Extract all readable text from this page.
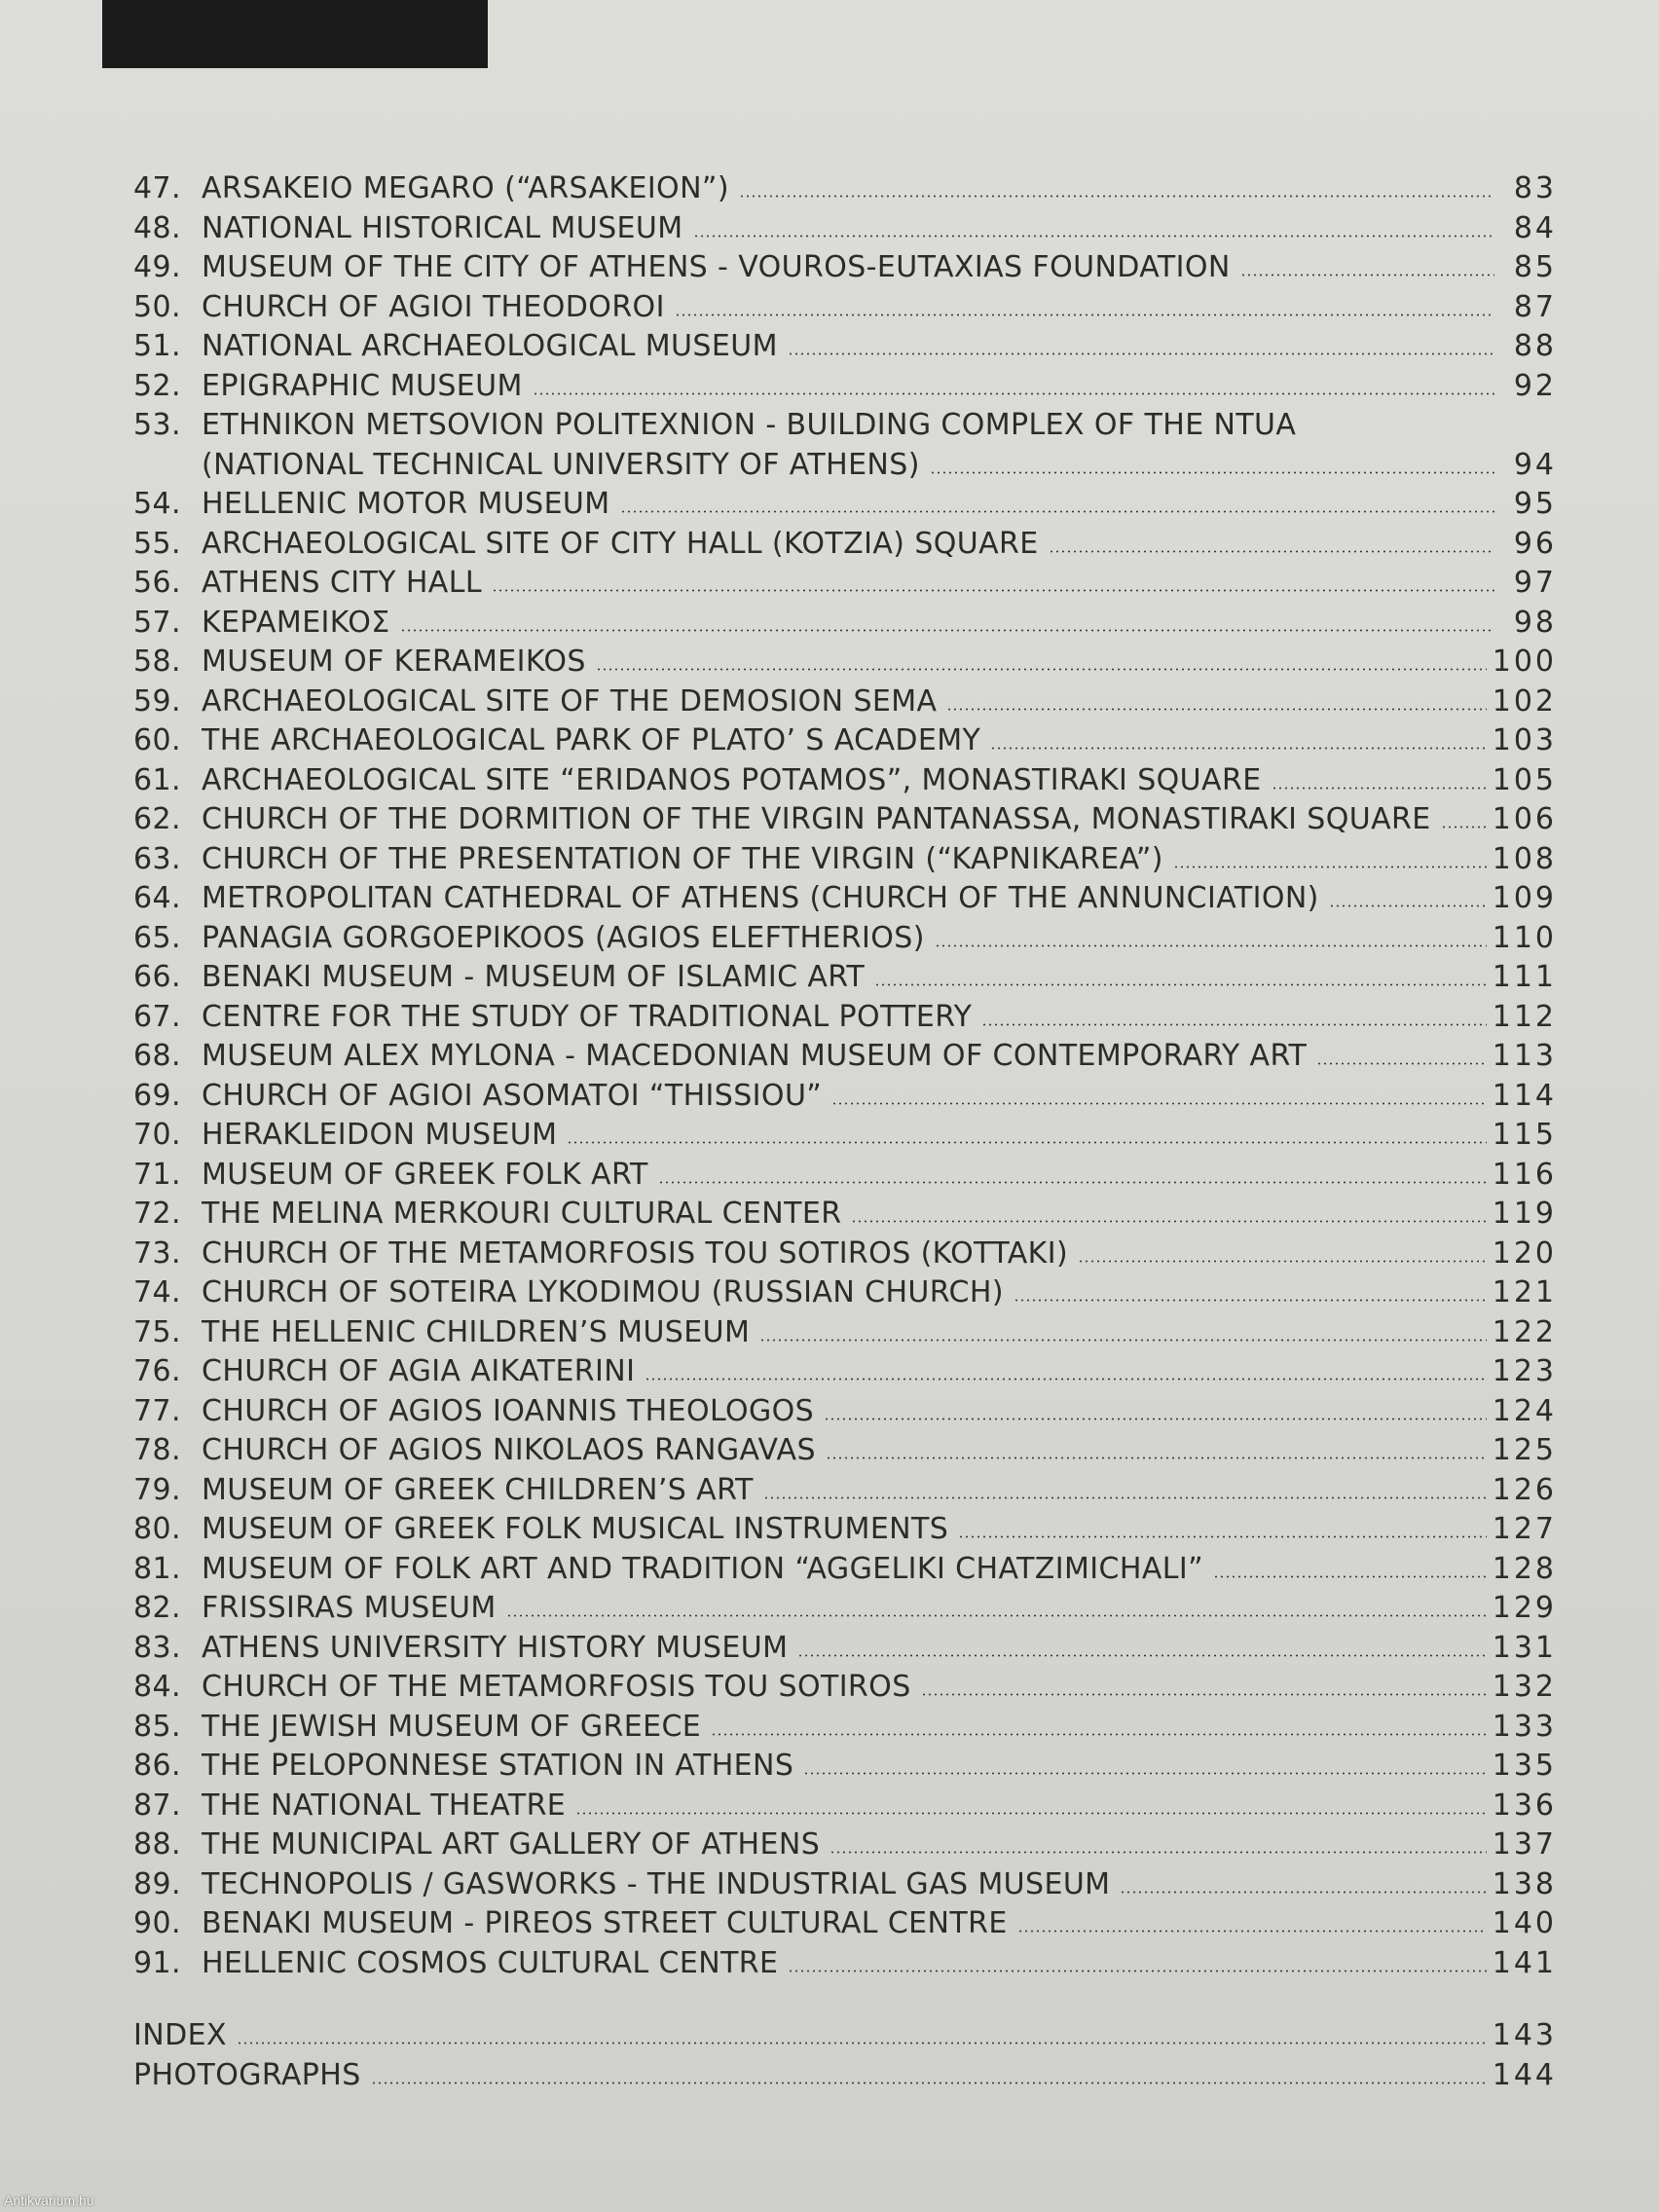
47. ARSAKEIO MEGARO (“ARSAKEION”)	83
48. NATIONAL HISTORICAL MUSEUM	84
49. MUSEUM OF THE CITY OF ATHENS - VOUROS-EUTAXIAS FOUNDATION	85
50. CHURCH OF AGIOI THEODOROI	87
51. NATIONAL ARCHAEOLOGICAL MUSEUM	88
52. EPIGRAPHIC MUSEUM	92
53. ETHNIKON METSOVION POLITEXNION - BUILDING COMPLEX OF THE NTUA
(NATIONAL TECHNICAL UNIVERSITY OF ATHENS)	94
54. HELLENIC MOTOR MUSEUM	95
55. ARCHAEOLOGICAL SITE OF CITY HALL (KOTZIA) SQUARE	96
56. ATHENS CITY HALL	97
57. KEPAMEIKOΣ	98
58. MUSEUM OF KERAMEIKOS	100
59. ARCHAEOLOGICAL SITE OF THE DEMOSION SEMA	102
60. THE ARCHAEOLOGICAL PARK OF PLATO’ S ACADEMY	103
61. ARCHAEOLOGICAL SITE “ERIDANOS POTAMOS”, MONASTIRAKI SQUARE	105
62. CHURCH OF THE DORMITION OF THE VIRGIN PANTANASSA, MONASTIRAKI SQUARE	106
63. CHURCH OF THE PRESENTATION OF THE VIRGIN (“KAPNIKAREA”)	108
64. METROPOLITAN CATHEDRAL OF ATHENS (CHURCH OF THE ANNUNCIATION)	109
65. PANAGIA GORGOEPIKOOS (AGIOS ELEFTHERIOS)	110
66. BENAKI MUSEUM - MUSEUM OF ISLAMIC ART	111
67. CENTRE FOR THE STUDY OF TRADITIONAL POTTERY	112
68. MUSEUM ALEX MYLONA - MACEDONIAN MUSEUM OF CONTEMPORARY ART	113
69. CHURCH OF AGIOI ASOMATOI “THISSIOU”	114
70. HERAKLEIDON MUSEUM	115
71. MUSEUM OF GREEK FOLK ART	116
72. THE MELINA MERKOURI CULTURAL CENTER	119
73. CHURCH OF THE METAMORFOSIS TOU SOTIROS (KOTTAKI)	120
74. CHURCH OF SOTEIRA LYKODIMOU (RUSSIAN CHURCH)	121
75. THE HELLENIC CHILDREN’S MUSEUM	122
76. CHURCH OF AGIA AIKATERINI	123
77. CHURCH OF AGIOS IOANNIS THEOLOGOS	124
78. CHURCH OF AGIOS NIKOLAOS RANGAVAS	125
79. MUSEUM OF GREEK CHILDREN’S ART	126
80. MUSEUM OF GREEK FOLK MUSICAL INSTRUMENTS	127
81. MUSEUM OF FOLK ART AND TRADITION “AGGELIKI CHATZIMICHALI”	128
82. FRISSIRAS MUSEUM	129
83. ATHENS UNIVERSITY HISTORY MUSEUM	131
84. CHURCH OF THE METAMORFOSIS TOU SOTIROS	132
85. THE JEWISH MUSEUM OF GREECE	133
86. THE PELOPONNESE STATION IN ATHENS	135
87. THE NATIONAL THEATRE	136
88. THE MUNICIPAL ART GALLERY OF ATHENS	137
89. TECHNOPOLIS / GASWORKS - THE INDUSTRIAL GAS MUSEUM	138
90. BENAKI MUSEUM - PIREOS STREET CULTURAL CENTRE	140
91. HELLENIC COSMOS CULTURAL CENTRE	141
INDEX	143
PHOTOGRAPHS	144
Antikvarium.hu
